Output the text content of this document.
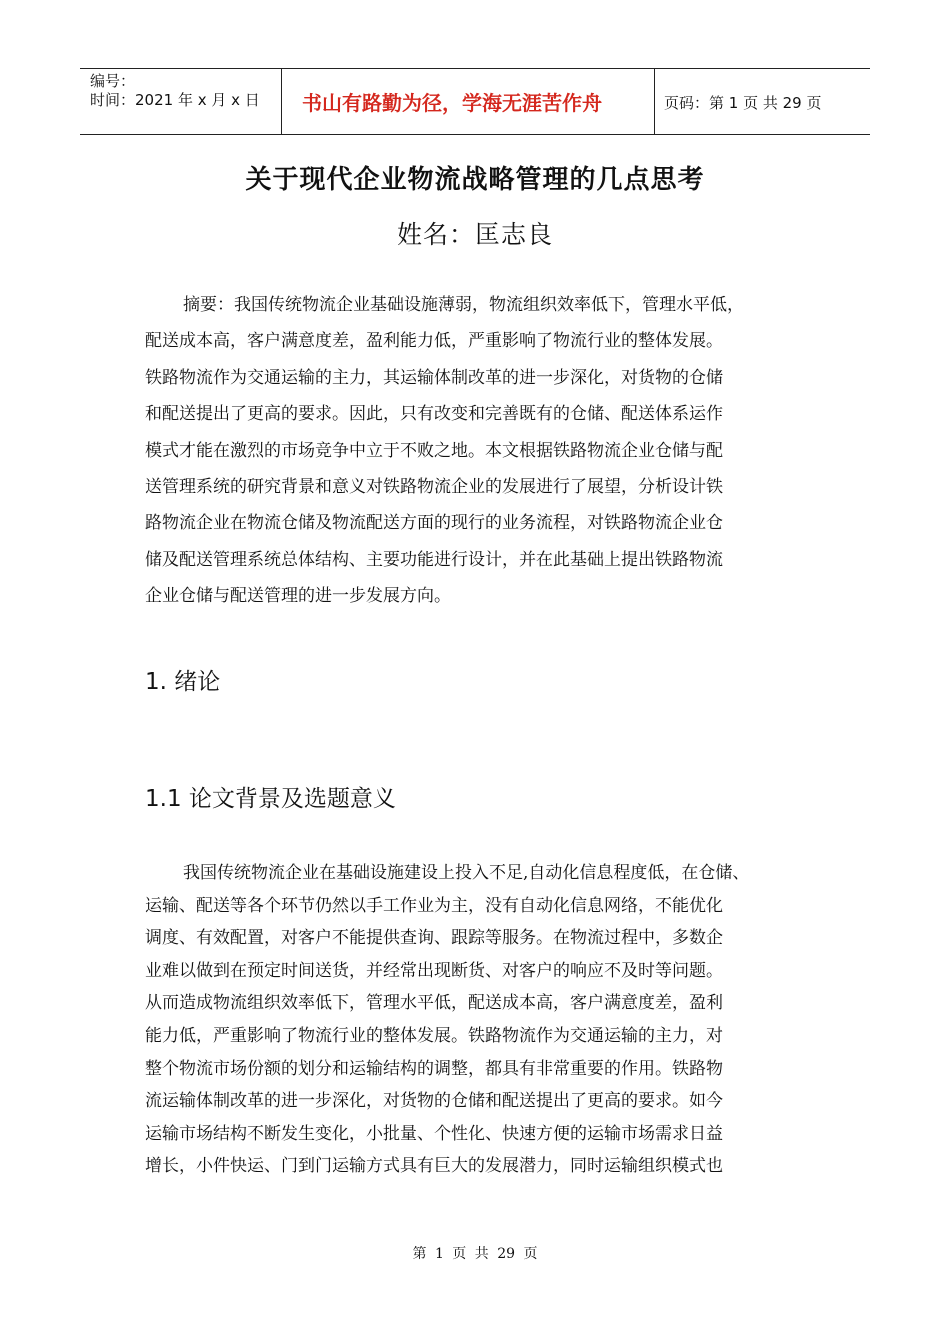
编号：
时间：2021 年 x 月 x 日 书山有路勤为径，学海无涯苦作舟	页码：第 1 页 共 29 页
关于现代企业物流战略管理的几点思考
姓名：匡志良
摘要：我国传统物流企业基础设施薄弱，物流组织效率低下，管理水平低，
配送成本高，客户满意度差，盈利能力低，严重影响了物流行业的整体发展。
铁路物流作为交通运输的主力，其运输体制改革的进一步深化，对货物的仓储
和配送提出了更高的要求。因此，只有改变和完善既有的仓储、配送体系运作
模式才能在激烈的市场竞争中立于不败之地。本文根据铁路物流企业仓储与配
送管理系统的研究背景和意义对铁路物流企业的发展进行了展望，分析设计铁
路物流企业在物流仓储及物流配送方面的现行的业务流程，对铁路物流企业仓
储及配送管理系统总体结构、主要功能进行设计，并在此基础上提出铁路物流
企业仓储与配送管理的进一步发展方向。
1. 绪论
1.1 论文背景及选题意义
我国传统物流企业在基础设施建设上投入不足,自动化信息程度低，在仓储、
运输、配送等各个环节仍然以手工作业为主，没有自动化信息网络，不能优化
调度、有效配置，对客户不能提供查询、跟踪等服务。在物流过程中，多数企
业难以做到在预定时间送货，并经常出现断货、对客户的响应不及时等问题。
从而造成物流组织效率低下，管理水平低，配送成本高，客户满意度差，盈利
能力低，严重影响了物流行业的整体发展。铁路物流作为交通运输的主力，对
整个物流市场份额的划分和运输结构的调整，都具有非常重要的作用。铁路物
流运输体制改革的进一步深化，对货物的仓储和配送提出了更高的要求。如今
运输市场结构不断发生变化，小批量、个性化、快速方便的运输市场需求日益
增长，小件快运、门到门运输方式具有巨大的发展潜力，同时运输组织模式也
第 1 页 共 29 页
